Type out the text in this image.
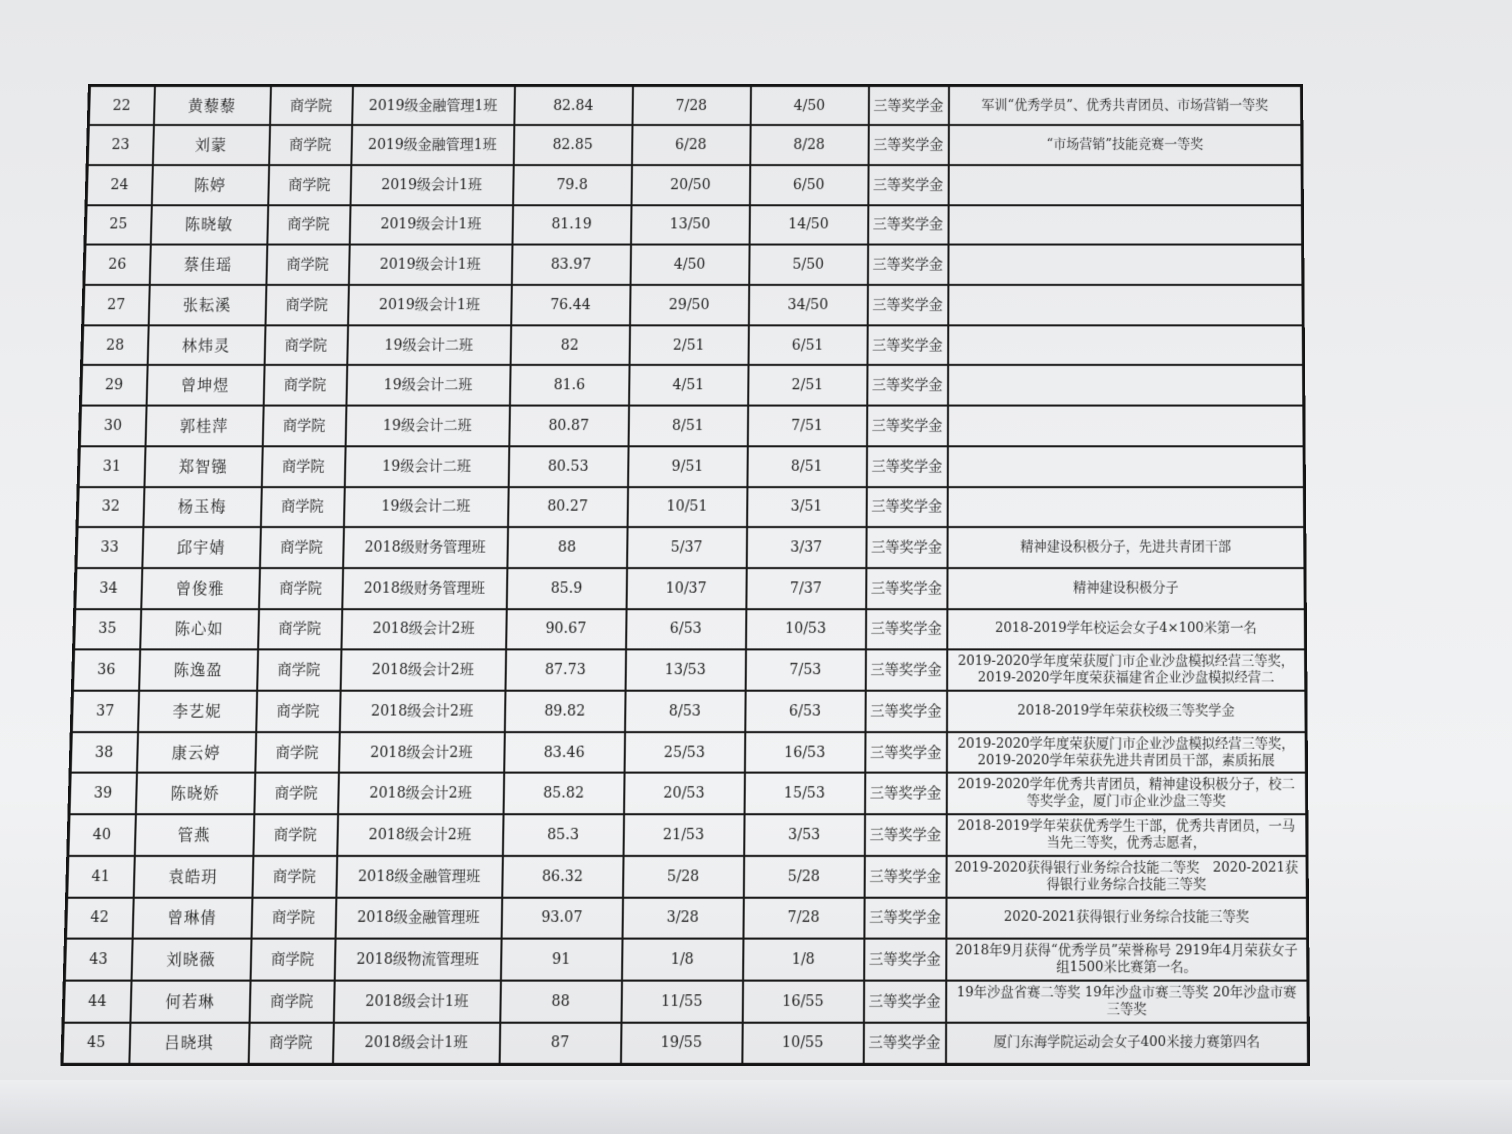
22	黄藜藜	商学院	2019级金融管理1班	82.84	7/28	4/50	三等奖学金	军训“优秀学员”、优秀共青团员、市场营销一等奖
23	刘蒙	商学院	2019级金融管理1班	82.85	6/28	8/28	三等奖学金	“市场营销”技能竞赛一等奖
24	陈婷	商学院	2019级会计1班	79.8	20/50	6/50	三等奖学金	
25	陈晓敏	商学院	2019级会计1班	81.19	13/50	14/50	三等奖学金	
26	蔡佳瑶	商学院	2019级会计1班	83.97	4/50	5/50	三等奖学金	
27	张耘溪	商学院	2019级会计1班	76.44	29/50	34/50	三等奖学金	
28	林炜灵	商学院	19级会计二班	82	2/51	6/51	三等奖学金	
29	曾坤煜	商学院	19级会计二班	81.6	4/51	2/51	三等奖学金	
30	郭桂萍	商学院	19级会计二班	80.87	8/51	7/51	三等奖学金	
31	郑智镪	商学院	19级会计二班	80.53	9/51	8/51	三等奖学金	
32	杨玉梅	商学院	19级会计二班	80.27	10/51	3/51	三等奖学金	
33	邱宇婧	商学院	2018级财务管理班	88	5/37	3/37	三等奖学金	精神建设积极分子，先进共青团干部
34	曾俊雅	商学院	2018级财务管理班	85.9	10/37	7/37	三等奖学金	精神建设积极分子
35	陈心如	商学院	2018级会计2班	90.67	6/53	10/53	三等奖学金	2018-2019学年校运会女子4×100米第一名
36	陈逸盈	商学院	2018级会计2班	87.73	13/53	7/53	三等奖学金	2019-2020学年度荣获厦门市企业沙盘模拟经营三等奖，2019-2020学年度荣获福建省企业沙盘模拟经营二
37	李艺妮	商学院	2018级会计2班	89.82	8/53	6/53	三等奖学金	2018-2019学年荣获校级三等奖学金
38	康云婷	商学院	2018级会计2班	83.46	25/53	16/53	三等奖学金	2019-2020学年度荣获厦门市企业沙盘模拟经营三等奖，2019-2020学年荣获先进共青团员干部，素质拓展
39	陈晓娇	商学院	2018级会计2班	85.82	20/53	15/53	三等奖学金	2019-2020学年优秀共青团员，精神建设积极分子，校二等奖学金，厦门市企业沙盘三等奖
40	管燕	商学院	2018级会计2班	85.3	21/53	3/53	三等奖学金	2018-2019学年荣获优秀学生干部，优秀共青团员，一马当先三等奖，优秀志愿者，
41	袁皓玥	商学院	2018级金融管理班	86.32	5/28	5/28	三等奖学金	2019-2020获得银行业务综合技能二等奖　2020-2021获得银行业务综合技能三等奖
42	曾琳倩	商学院	2018级金融管理班	93.07	3/28	7/28	三等奖学金	2020-2021获得银行业务综合技能三等奖
43	刘晓薇	商学院	2018级物流管理班	91	1/8	1/8	三等奖学金	2018年9月获得“优秀学员”荣誉称号 2919年4月荣获女子组1500米比赛第一名。
44	何若琳	商学院	2018级会计1班	88	11/55	16/55	三等奖学金	19年沙盘省赛二等奖 19年沙盘市赛三等奖 20年沙盘市赛三等奖
45	吕晓琪	商学院	2018级会计1班	87	19/55	10/55	三等奖学金	厦门东海学院运动会女子400米接力赛第四名
